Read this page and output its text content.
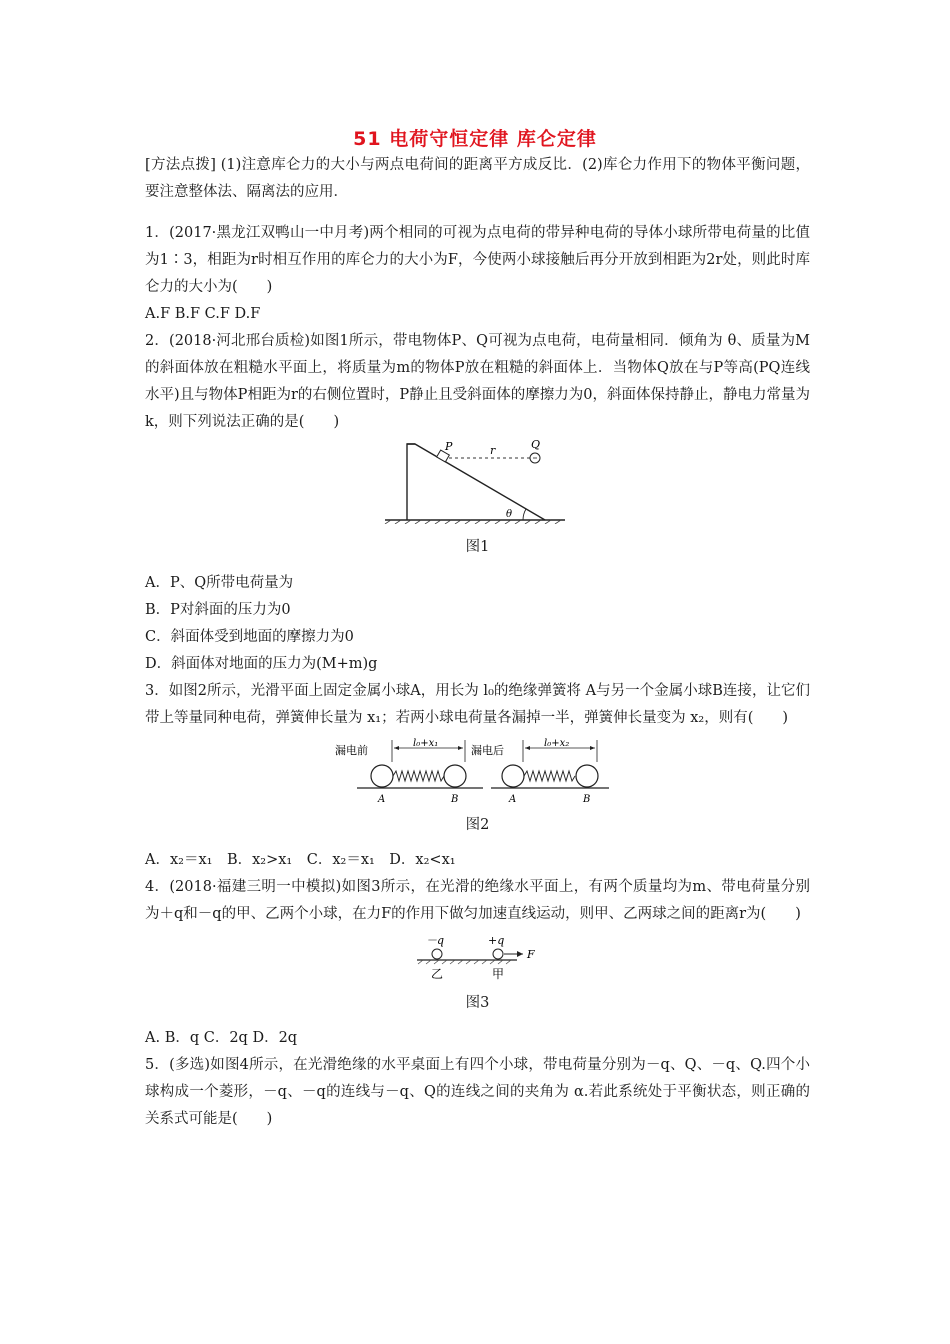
51 电荷守恒定律 库仑定律

[方法点拨] (1)注意库仑力的大小与两点电荷间的距离平方成反比．(2)库仑力作用下的物体平衡问题，要注意整体法、隔离法的应用．

1．(2017·黑龙江双鸭山一中月考)两个相同的可视为点电荷的带异种电荷的导体小球所带电荷量的比值为1∶3，相距为r时相互作用的库仑力的大小为F，今使两小球接触后再分开放到相距为2r处，则此时库仑力的大小为(　　)

A.F B.F C.F D.F

2．(2018·河北邢台质检)如图1所示，带电物体P、Q可视为点电荷，电荷量相同．倾角为 θ、质量为M的斜面体放在粗糙水平面上，将质量为m的物体P放在粗糙的斜面体上．当物体Q放在与P等高(PQ连线水平)且与物体P相距为r的右侧位置时，P静止且受斜面体的摩擦力为0，斜面体保持静止，静电力常量为k，则下列说法正确的是(　　)

P	r	Q
θ
图1

A．P、Q所带电荷量为

B．P对斜面的压力为0

C．斜面体受到地面的摩擦力为0

D．斜面体对地面的压力为(M+m)g

3．如图2所示，光滑平面上固定金属小球A，用长为 l₀的绝缘弹簧将 A与另一个金属小球B连接，让它们带上等量同种电荷，弹簧伸长量为 x₁；若两小球电荷量各漏掉一半，弹簧伸长量变为 x₂，则有(　　)

漏电前
l₀+x₁
A	B
漏电后
l₀+x₂
A	B
图2

A．x₂＝x₁　B．x₂>x₁　C．x₂＝x₁　D．x₂<x₁

4．(2018·福建三明一中模拟)如图3所示，在光滑的绝缘水平面上，有两个质量均为m、带电荷量分别为＋q和－q的甲、乙两个小球，在力F的作用下做匀加速直线运动，则甲、乙两球之间的距离r为(　　)

－q	+q
F
乙	甲
图3

A. B．q C．2q D．2q

5．(多选)如图4所示，在光滑绝缘的水平桌面上有四个小球，带电荷量分别为－q、Q、－q、Q.四个小球构成一个菱形，－q、－q的连线与－q、Q的连线之间的夹角为 α.若此系统处于平衡状态，则正确的关系式可能是(　　)
